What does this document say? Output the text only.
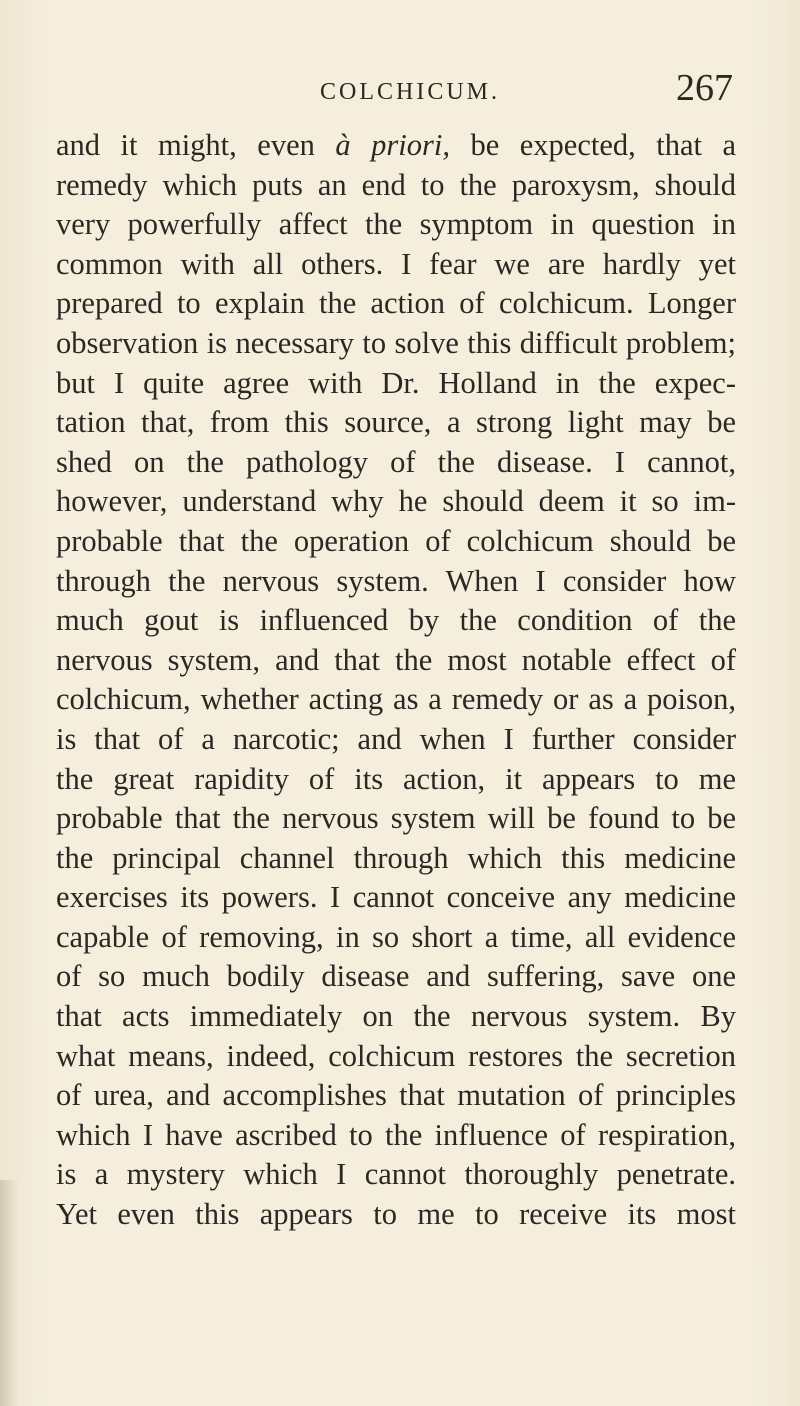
COLCHICUM.	267
and it might, even à priori, be expected, that a
remedy which puts an end to the paroxysm, should
very powerfully affect the symptom in question in
common with all others. I fear we are hardly yet
prepared to explain the action of colchicum. Longer
observation is necessary to solve this difficult problem;
but I quite agree with Dr. Holland in the expec-
tation that, from this source, a strong light may be
shed on the pathology of the disease. I cannot,
however, understand why he should deem it so im-
probable that the operation of colchicum should be
through the nervous system. When I consider how
much gout is influenced by the condition of the
nervous system, and that the most notable effect of
colchicum, whether acting as a remedy or as a poison,
is that of a narcotic; and when I further consider
the great rapidity of its action, it appears to me
probable that the nervous system will be found to be
the principal channel through which this medicine
exercises its powers. I cannot conceive any medicine
capable of removing, in so short a time, all evidence
of so much bodily disease and suffering, save one
that acts immediately on the nervous system. By
what means, indeed, colchicum restores the secretion
of urea, and accomplishes that mutation of principles
which I have ascribed to the influence of respiration,
is a mystery which I cannot thoroughly penetrate.
Yet even this appears to me to receive its most
